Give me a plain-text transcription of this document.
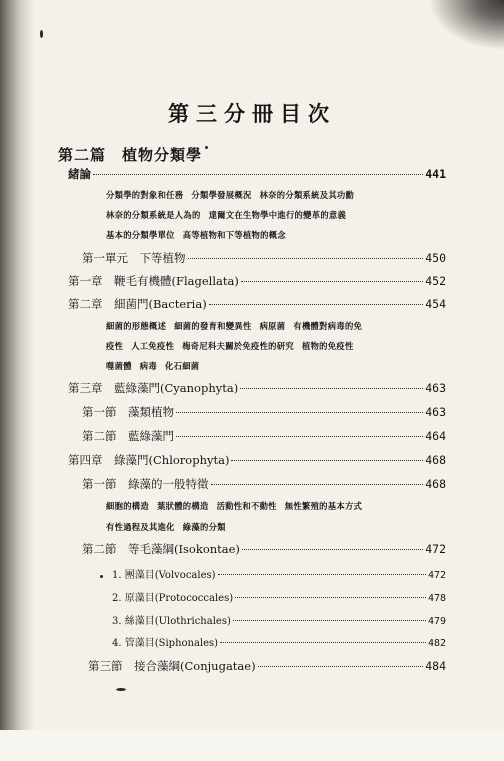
第三分冊目次
第二篇　植物分類學
緒論	441
分類學的對象和任務 分類學發展概況 林奈的分類系統及其功勳
林奈的分類系統是人為的 達爾文在生物學中進行的變革的意義
基本的分類學單位 高等植物和下等植物的概念
第一單元　下等植物	450
第一章　鞭毛有機體(Flagellata)	452
第二章　細菌門(Bacteria)	454
細菌的形態概述 細菌的發育和變異性 病原菌 有機體對病毒的免
疫性 人工免疫性 梅奇尼科夫關於免疫性的研究 植物的免疫性
噬菌體 病毒 化石細菌
第三章　藍綠藻門(Cyanophyta)	463
第一節　藻類植物	463
第二節　藍綠藻門	464
第四章　綠藻門(Chlorophyta)	468
第一節　綠藻的一般特徵	468
細胞的構造 葉狀體的構造 活動性和不動性 無性繁殖的基本方式
有性過程及其進化 綠藻的分類
第二節　等毛藻綱(Isokontae)	472
1. 團藻目(Volvocales)	472
2. 原藻目(Protococcales)	478
3. 絲藻目(Ulothrichales)	479
4. 管藻目(Siphonales)	482
第三節　接合藻綱(Conjugatae)	484
